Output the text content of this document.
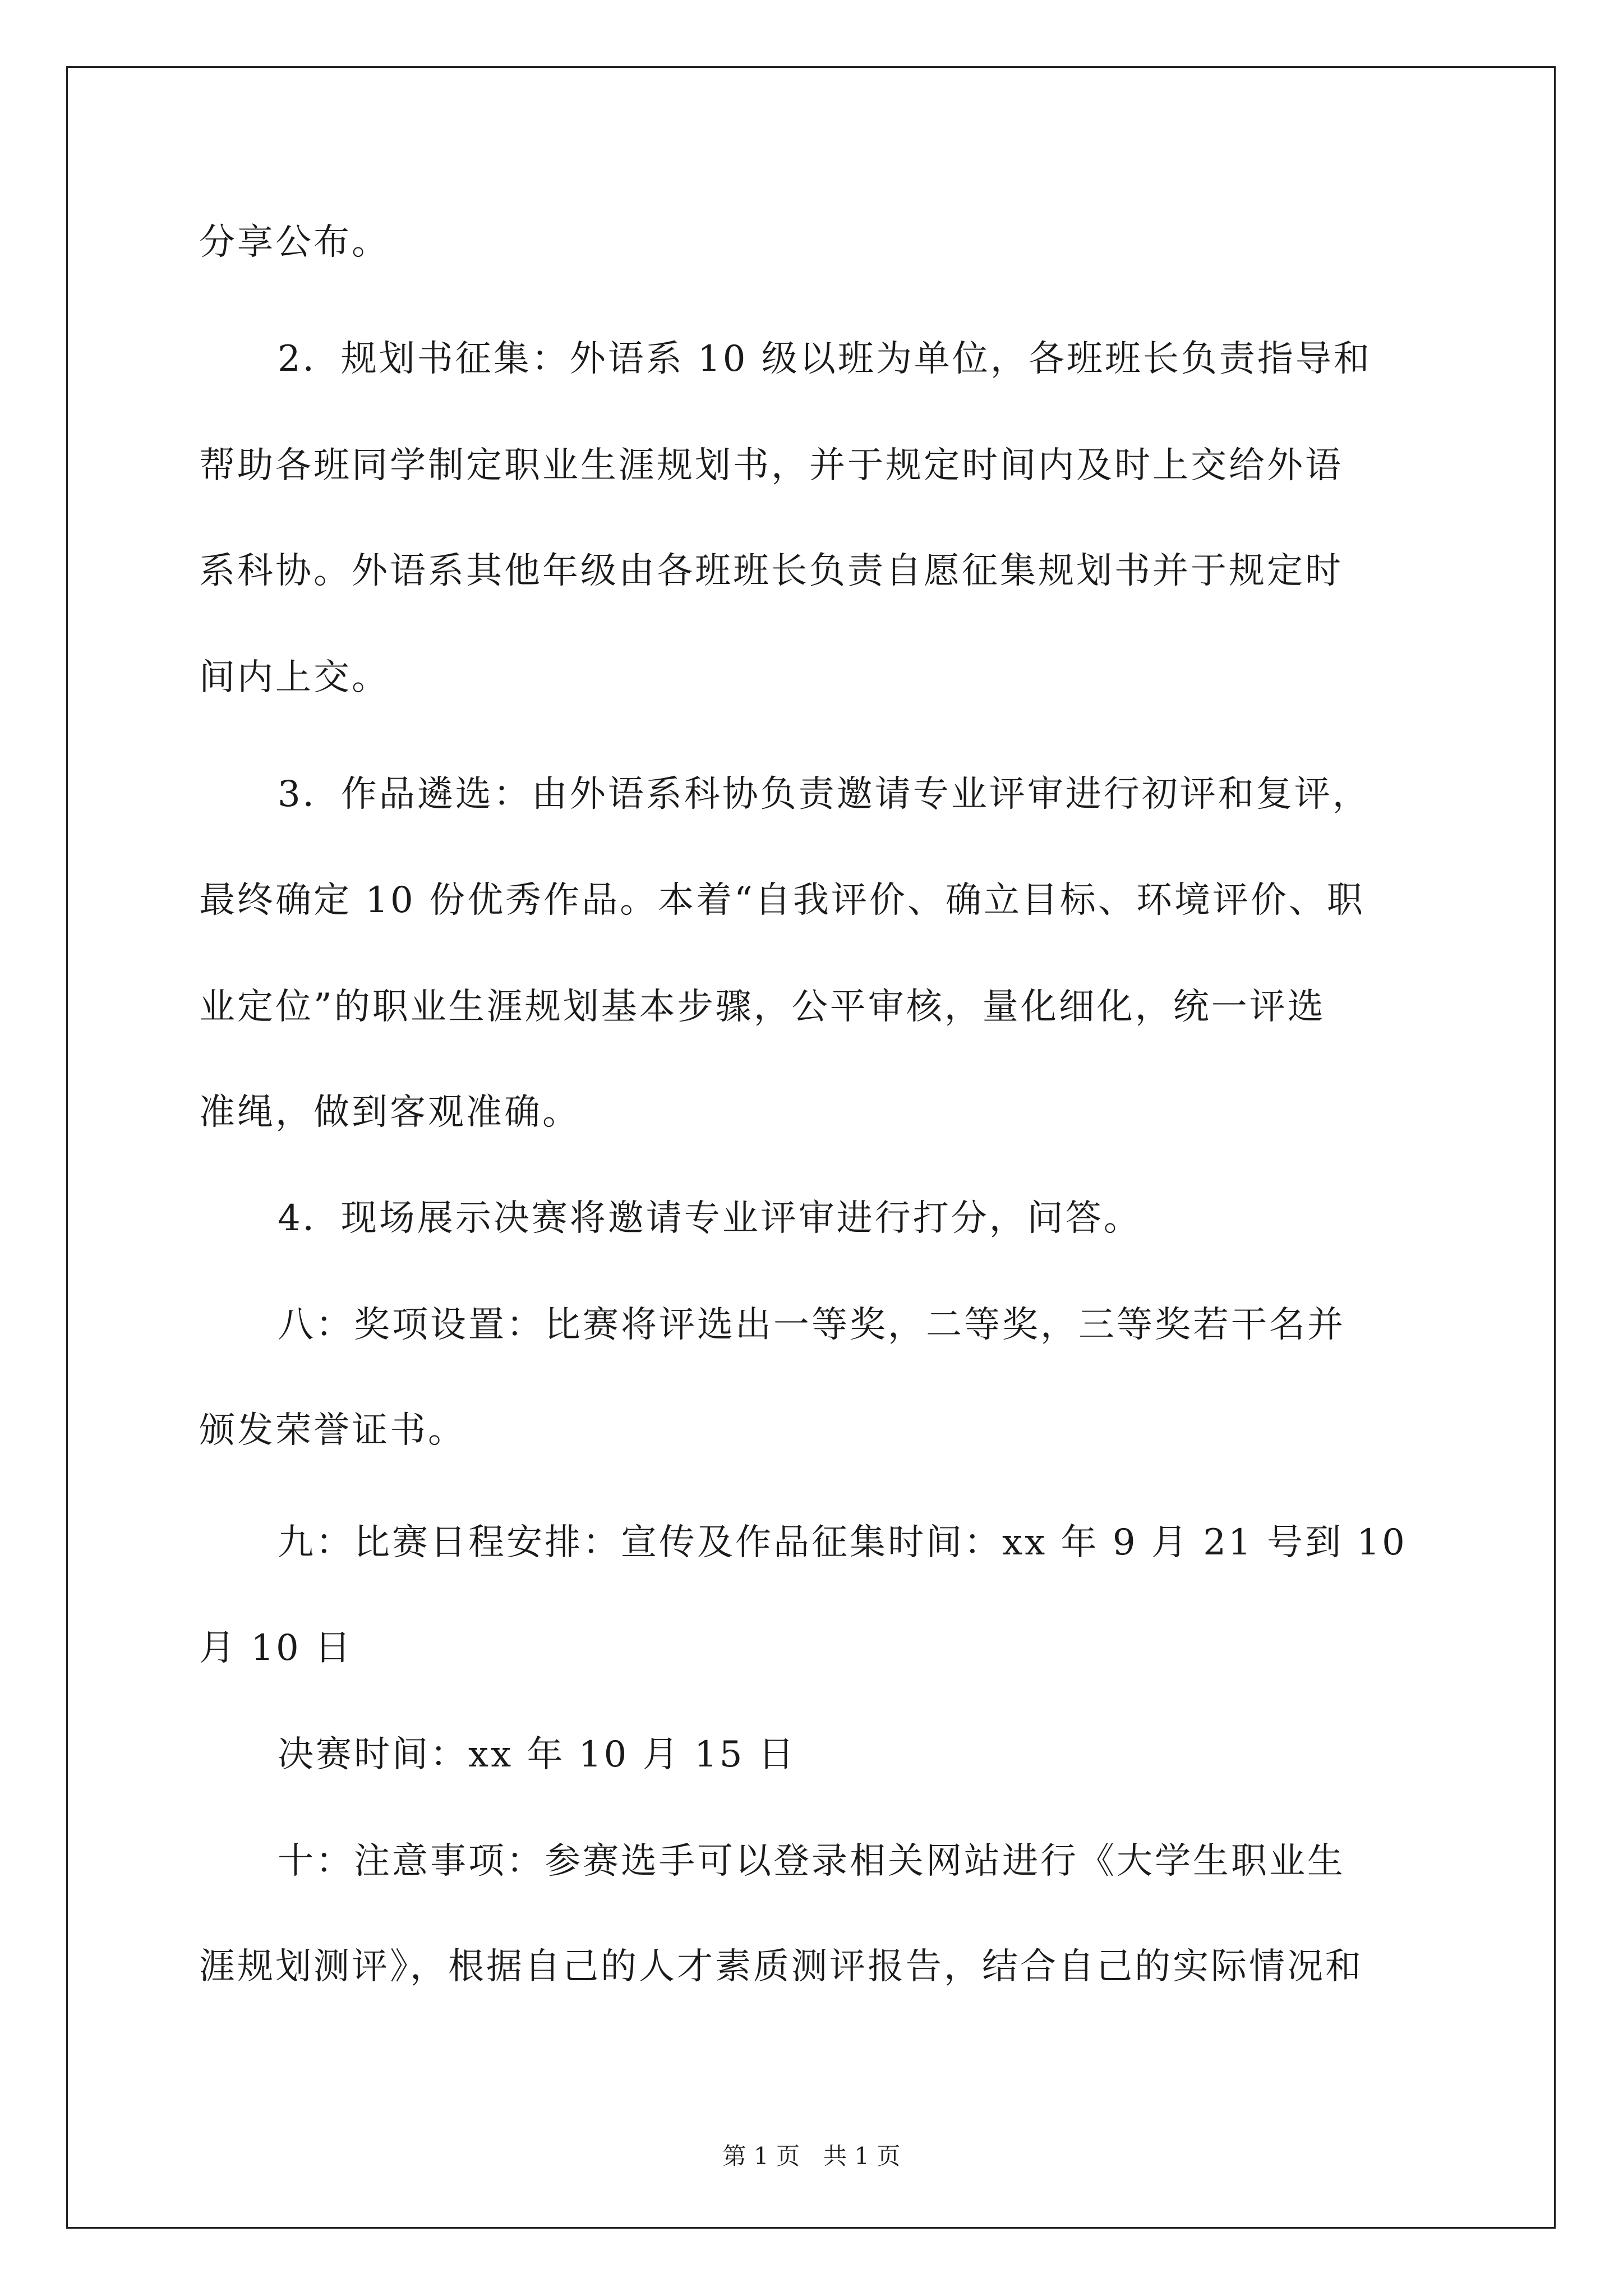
分享公布。
2．规划书征集：外语系 10 级以班为单位，各班班长负责指导和
帮助各班同学制定职业生涯规划书，并于规定时间内及时上交给外语
系科协。外语系其他年级由各班班长负责自愿征集规划书并于规定时
间内上交。
3．作品遴选：由外语系科协负责邀请专业评审进行初评和复评，
最终确定 10 份优秀作品。本着“自我评价、确立目标、环境评价、职
业定位”的职业生涯规划基本步骤，公平审核，量化细化，统一评选
准绳，做到客观准确。
4．现场展示决赛将邀请专业评审进行打分，问答。
八：奖项设置：比赛将评选出一等奖，二等奖，三等奖若干名并
颁发荣誉证书。
九：比赛日程安排：宣传及作品征集时间：xx 年 9 月 21 号到 10
月 10 日
决赛时间：xx 年 10 月 15 日
十：注意事项：参赛选手可以登录相关网站进行《大学生职业生
涯规划测评》，根据自己的人才素质测评报告，结合自己的实际情况和
第 1 页　共 1 页
